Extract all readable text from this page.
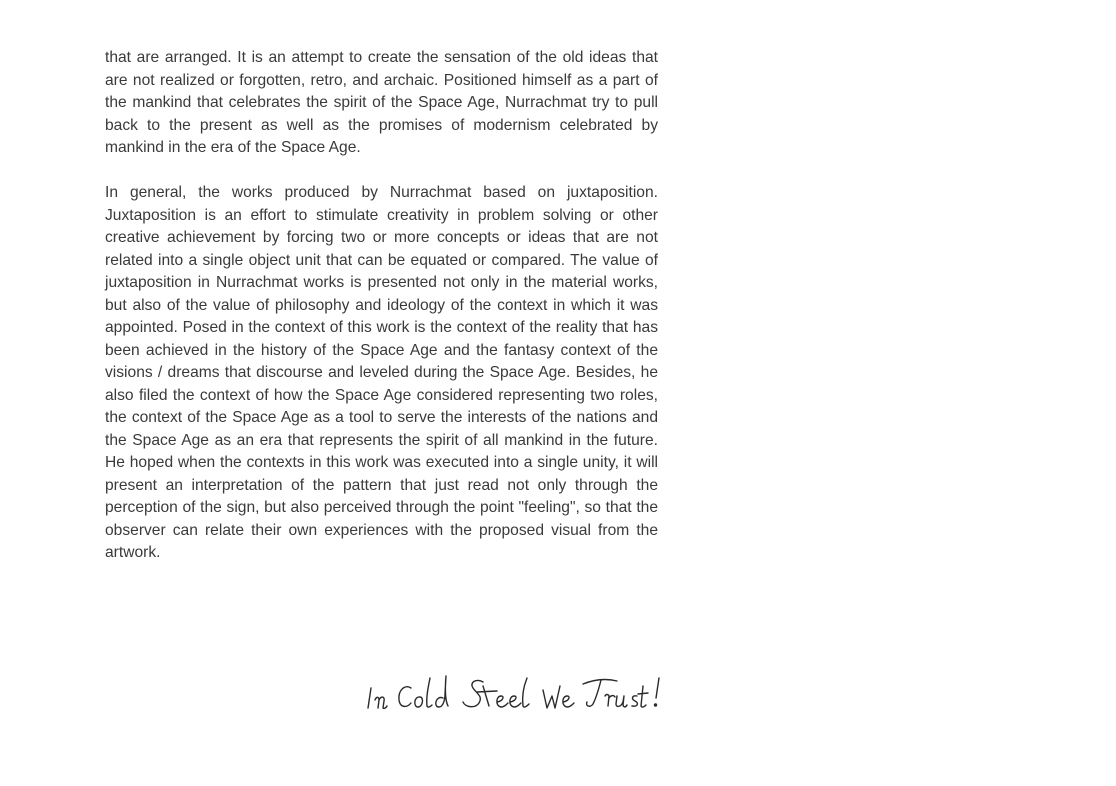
that are arranged. It is an attempt to create the sensation of the old ideas that are not realized or forgotten, retro, and archaic. Positioned himself as a part of the mankind that celebrates the spirit of the Space Age, Nurrachmat try to pull back to the present as well as the promises of modernism celebrated by mankind in the era of the Space Age.

In general, the works produced by Nurrachmat based on juxtaposition. Juxtaposition is an effort to stimulate creativity in problem solving or other creative achievement by forcing two or more concepts or ideas that are not related into a single object unit that can be equated or compared. The value of juxtaposition in Nurrachmat works is presented not only in the material works, but also of the value of philosophy and ideology of the context in which it was appointed. Posed in the context of this work is the context of the reality that has been achieved in the history of the Space Age and the fantasy context of the visions / dreams that discourse and leveled during the Space Age. Besides, he also filed the context of how the Space Age considered representing two roles, the context of the Space Age as a tool to serve the interests of the nations and the Space Age as an era that represents the spirit of all mankind in the future. He hoped when the contexts in this work was executed into a single unity, it will present an interpretation of the pattern that just read not only through the perception of the sign, but also perceived through the point "feeling", so that the observer can relate their own experiences with the proposed visual from the artwork.
